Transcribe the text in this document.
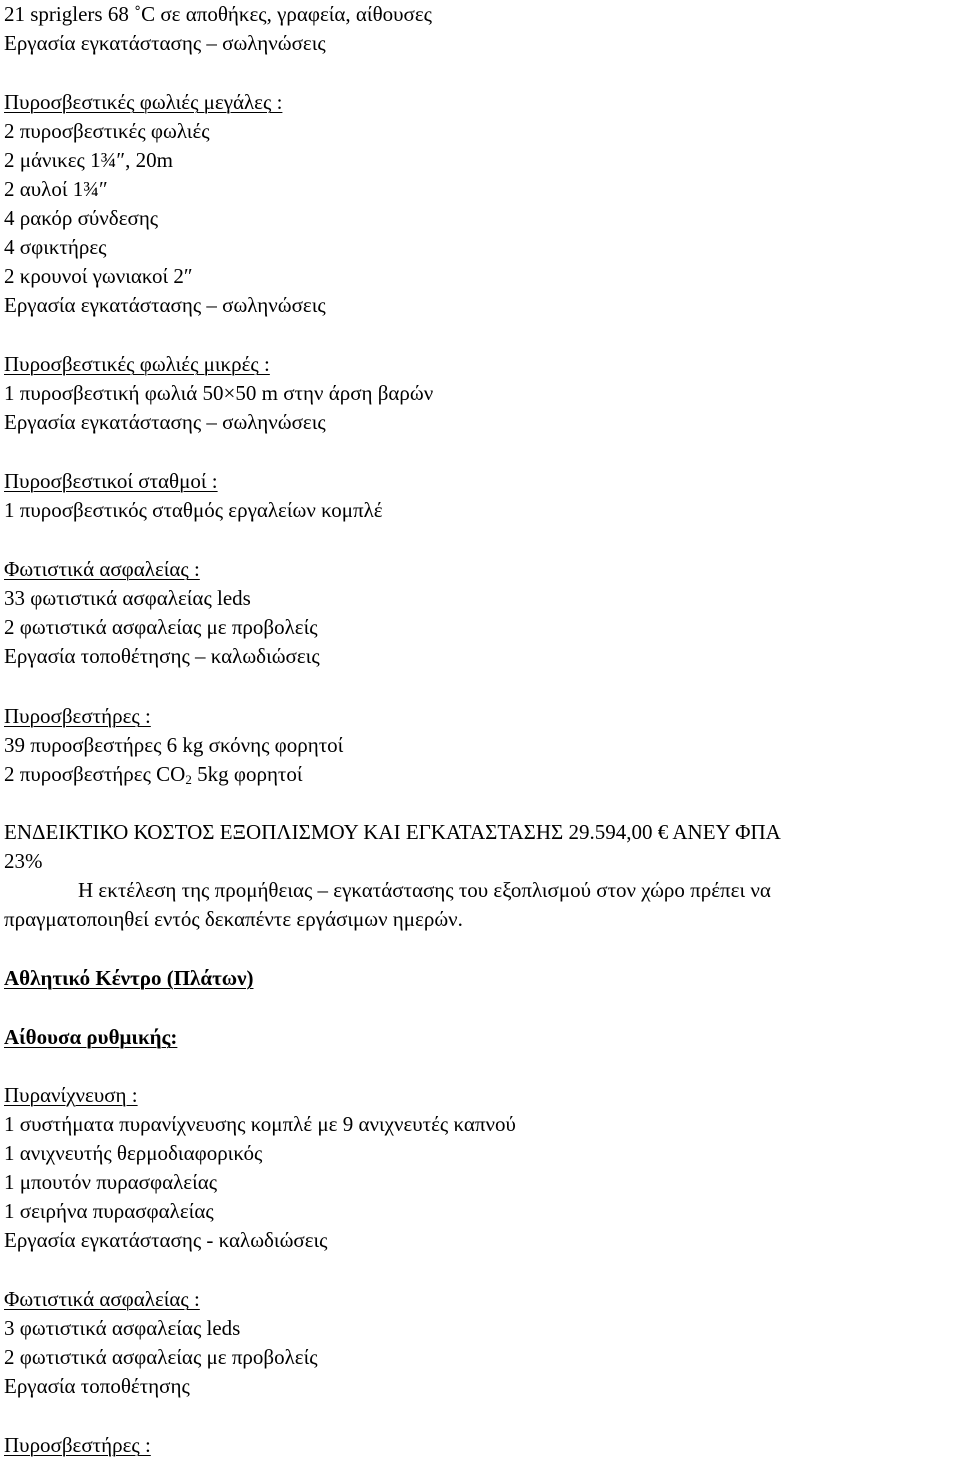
21 spriglers 68 ˚C σε αποθήκες, γραφεία, αίθουσες
Εργασία εγκατάστασης – σωληνώσεις
Πυροσβεστικές φωλιές μεγάλες :
2 πυροσβεστικές φωλιές
2 μάνικες 1¾″, 20m
2 αυλοί 1¾″
4 ρακόρ σύνδεσης
4 σφικτήρες
2 κρουνοί γωνιακοί 2″
Εργασία εγκατάστασης – σωληνώσεις
Πυροσβεστικές φωλιές μικρές :
1 πυροσβεστική φωλιά 50×50 m στην άρση βαρών
Εργασία εγκατάστασης – σωληνώσεις
Πυροσβεστικοί σταθμοί :
1 πυροσβεστικός σταθμός εργαλείων κομπλέ
Φωτιστικά ασφαλείας :
33 φωτιστικά ασφαλείας leds
2 φωτιστικά ασφαλείας με προβολείς
Εργασία τοποθέτησης – καλωδιώσεις
Πυροσβεστήρες :
39 πυροσβεστήρες 6 kg σκόνης φορητοί
2 πυροσβεστήρες $CO_2$ 5kg φορητοί
ΕΝΔΕΙΚΤΙΚΟ ΚΟΣΤΟΣ ΕΞΟΠΛΙΣΜΟΥ ΚΑΙ ΕΓΚΑΤΑΣΤΑΣΗΣ 29.594,00 € ΑΝΕΥ ΦΠΑ
23%
Η εκτέλεση της προμήθειας – εγκατάστασης του εξοπλισμού στον χώρο πρέπει να
πραγματοποιηθεί εντός δεκαπέντε εργάσιμων ημερών.
Αθλητικό Κέντρο (Πλάτων)
Αίθουσα ρυθμικής:
Πυρανίχνευση :
1 συστήματα πυρανίχνευσης κομπλέ με 9 ανιχνευτές καπνού
1 ανιχνευτής θερμοδιαφορικός
1 μπουτόν πυρασφαλείας
1 σειρήνα πυρασφαλείας
Εργασία εγκατάστασης - καλωδιώσεις
Φωτιστικά ασφαλείας :
3 φωτιστικά ασφαλείας leds
2 φωτιστικά ασφαλείας με προβολείς
Εργασία τοποθέτησης
Πυροσβεστήρες :
